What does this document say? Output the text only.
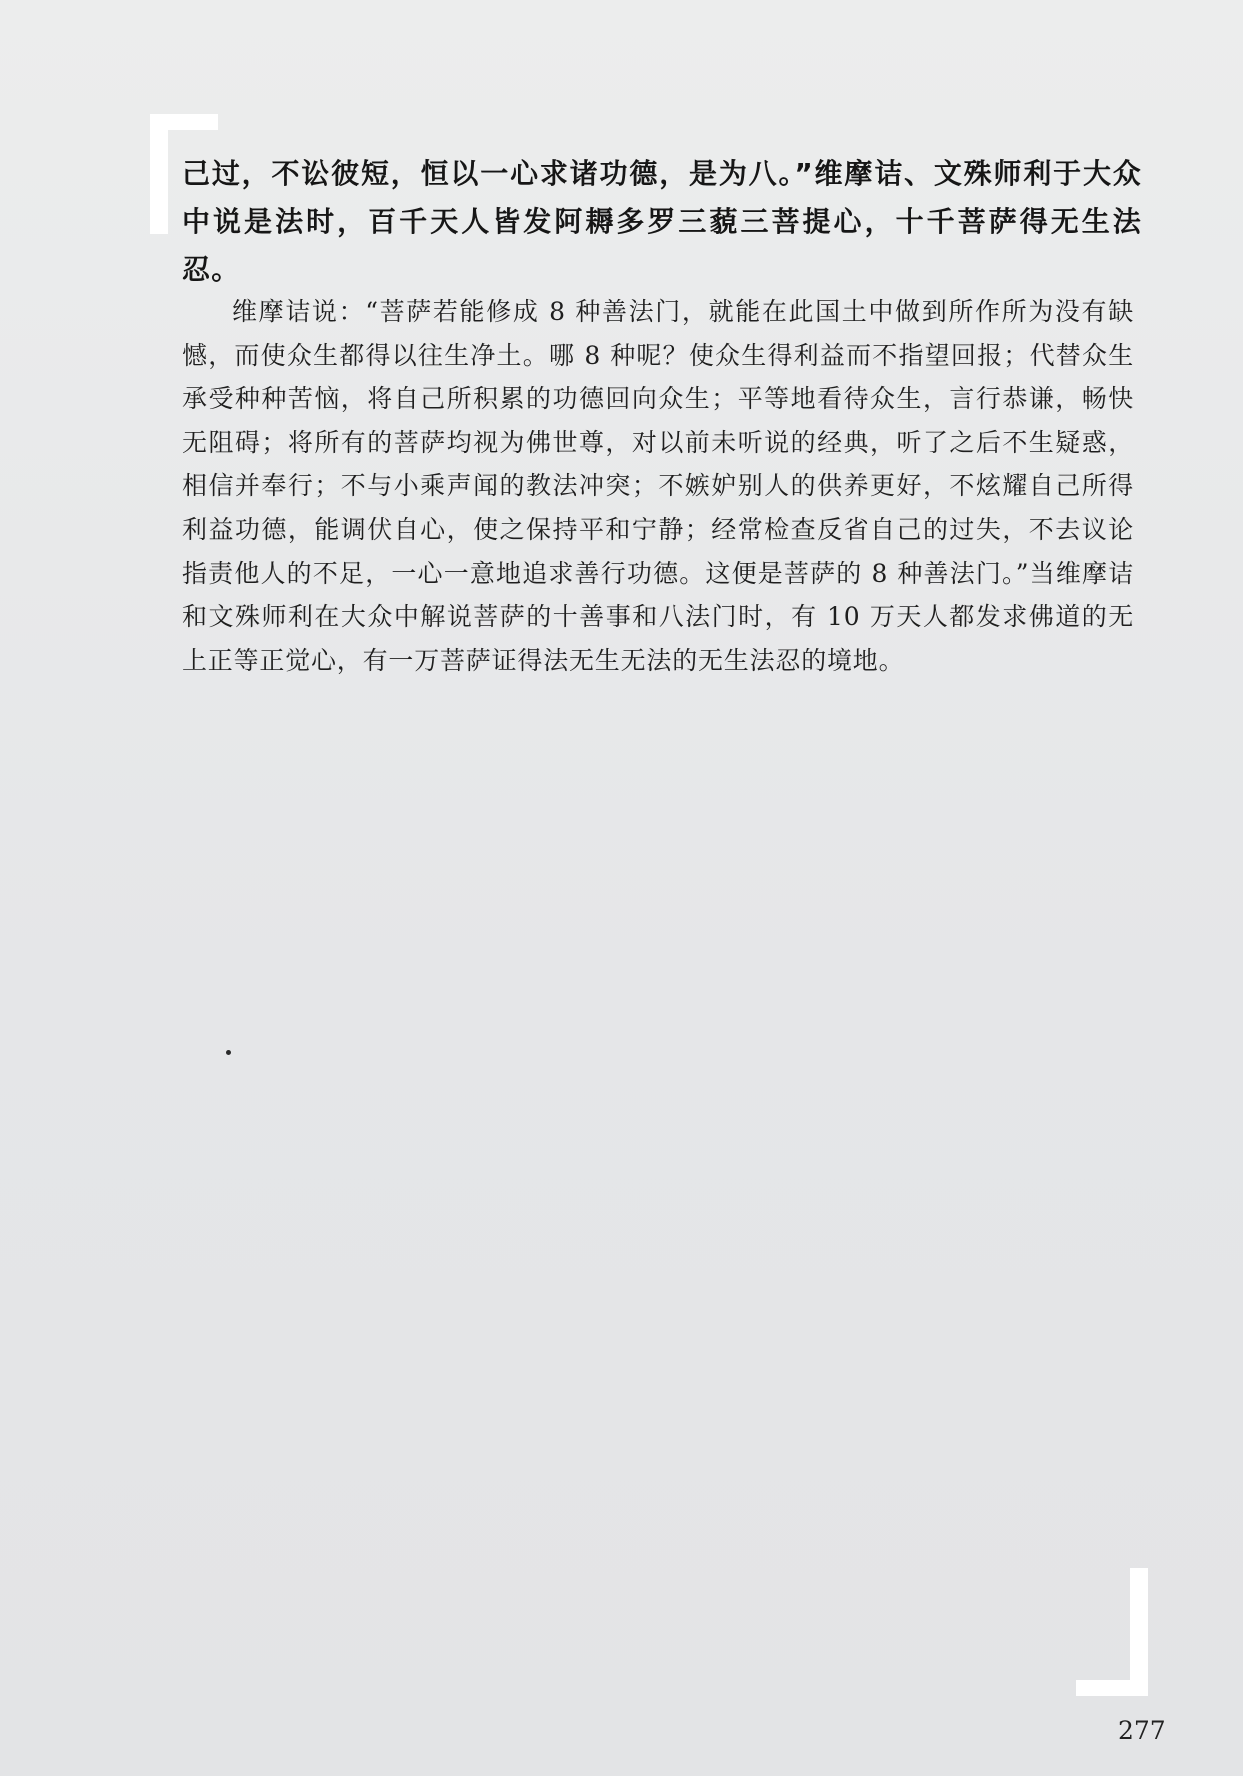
己过，不讼彼短，恒以一心求诸功德，是为八。”维摩诘、文殊师利于大众中说是法时，百千天人皆发阿耨多罗三藐三菩提心，十千菩萨得无生法忍。

维摩诘说：“菩萨若能修成 8 种善法门，就能在此国土中做到所作所为没有缺憾，而使众生都得以往生净土。哪 8 种呢？使众生得利益而不指望回报；代替众生承受种种苦恼，将自己所积累的功德回向众生；平等地看待众生，言行恭谦，畅快无阻碍；将所有的菩萨均视为佛世尊，对以前未听说的经典，听了之后不生疑惑，相信并奉行；不与小乘声闻的教法冲突；不嫉妒别人的供养更好，不炫耀自己所得利益功德，能调伏自心，使之保持平和宁静；经常检查反省自己的过失，不去议论指责他人的不足，一心一意地追求善行功德。这便是菩萨的 8 种善法门。”当维摩诘和文殊师利在大众中解说菩萨的十善事和八法门时，有 10 万天人都发求佛道的无上正等正觉心，有一万菩萨证得法无生无法的无生法忍的境地。

277
